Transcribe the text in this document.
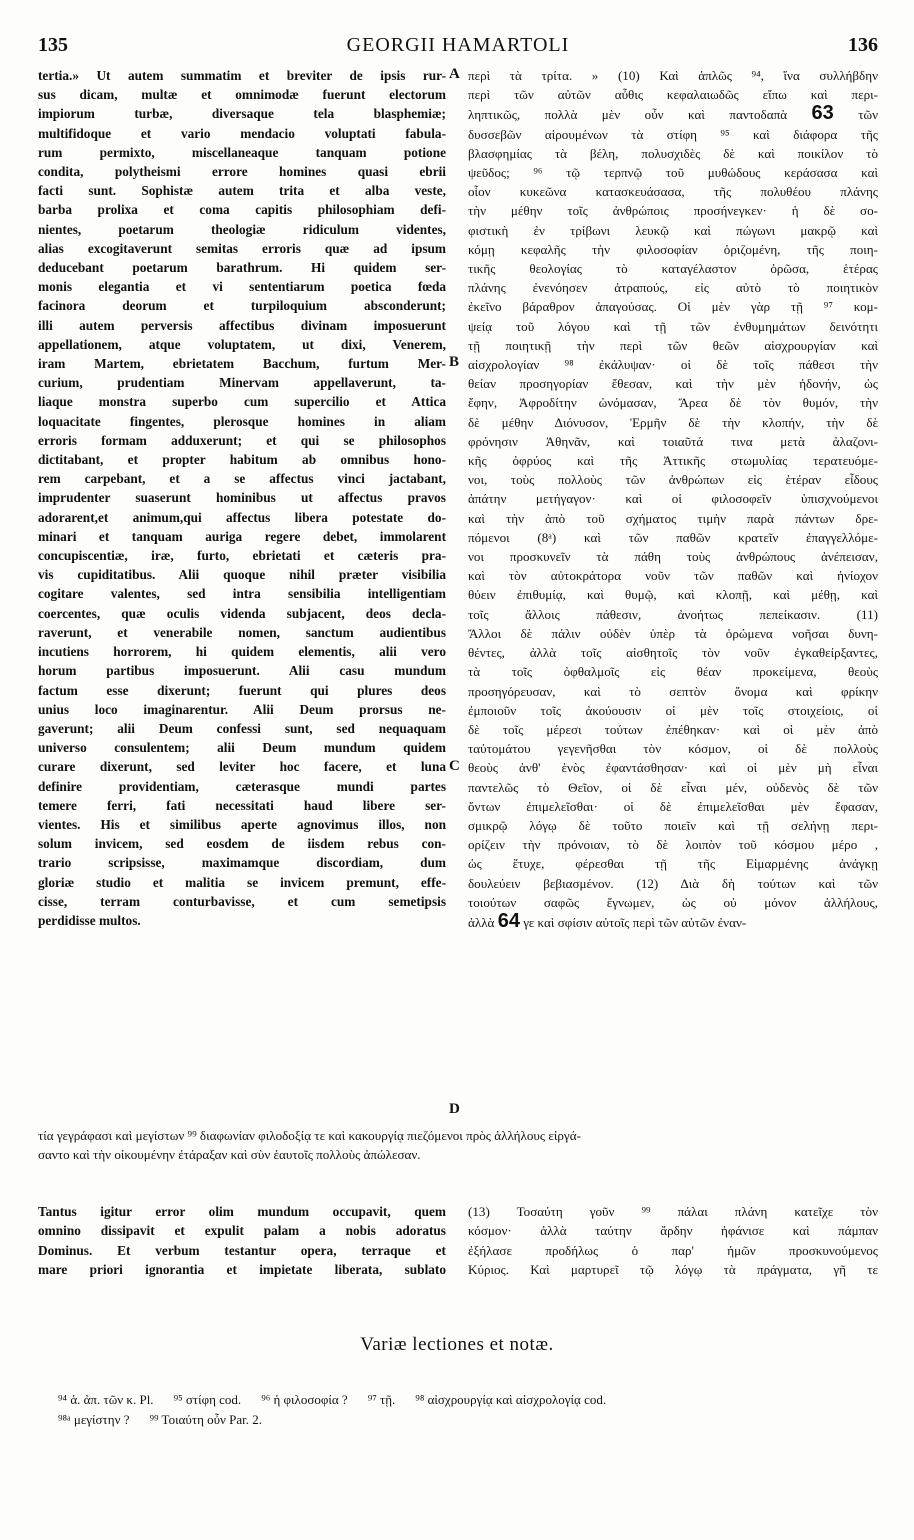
135	GEORGII HAMARTOLI	136
tertia.» Ut autem summatim et breviter de ipsis rur-
sus dicam, multæ et omnimodæ fuerunt electorum
impiorum turbæ, diversaque tela blasphemiæ;
multifidoque et vario mendacio voluptati fabula-
rum permixto, miscellaneaque tanquam potione
condita, polytheismi errore homines quasi ebrii
facti sunt. Sophistæ autem trita et alba veste,
barba prolixa et coma capitis philosophiam defi-
nientes, poetarum theologiæ ridiculum videntes,
alias excogitaverunt semitas erroris quæ ad ipsum
deducebant poetarum barathrum. Hi quidem ser-
monis elegantia et vi sententiarum poetica fœda
facinora deorum et turpiloquium absconderunt;
illi autem perversis affectibus divinam imposuerunt
appellationem, atque voluptatem, ut dixi, Venerem,
iram Martem, ebrietatem Bacchum, furtum Mer-
curium, prudentiam Minervam appellaverunt, ta-
liaque monstra superbo cum supercilio et Attica
loquacitate fingentes, plerosque homines in aliam
erroris formam adduxerunt; et qui se philosophos
dictitabant, et propter habitum ab omnibus hono-
rem carpebant, et a se affectus vinci jactabant,
imprudenter suaserunt hominibus ut affectus pravos
adorarent,et animum,qui affectus libera potestate do-
minari et tanquam auriga regere debet, immolarent
concupiscentiæ, iræ, furto, ebrietati et cæteris pra-
vis cupiditatibus. Alii quoque nihil præter visibilia
cogitare valentes, sed intra sensibilia intelligentiam
coercentes, quæ oculis videnda subjacent, deos decla-
raverunt, et venerabile nomen, sanctum audientibus
incutiens horrorem, hi quidem elementis, alii vero
horum partibus imposuerunt. Alii casu mundum
factum esse dixerunt; fuerunt qui plures deos
unius loco imaginarentur. Alii Deum prorsus ne-
gaverunt; alii Deum confessi sunt, sed nequaquam
universo consulentem; alii Deum mundum quidem
curare dixerunt, sed leviter hoc facere, et luna
definire providentiam, cæterasque mundi partes
temere ferri, fati necessitati haud libere ser-
vientes. His et similibus aperte agnovimus illos, non
solum invicem, sed eosdem de iisdem rebus con-
trario scripsisse, maximamque discordiam, dum
gloriæ studio et malitia se invicem premunt, effe-
cisse, terram conturbavisse, et cum semetipsis
perdidisse multos.
περὶ τὰ τρίτα. » (10) Καὶ ἁπλῶς ⁹⁴, ἵνα συλλήβδην
περὶ τῶν αὐτῶν αὖθις κεφαλαιωδῶς εἴπω καὶ περι-
ληπτικῶς, πολλὰ μὲν οὖν καὶ παντοδαπὰ 63 τῶν
δυσσεβῶν αἱρουμένων τὰ στίφη ⁹⁵ καὶ διάφορα τῆς
βλασφημίας τὰ βέλη, πολυσχιδὲς δὲ καὶ ποικίλον τὸ
ψεῦδος; ⁹⁶ τῷ τερπνῷ τοῦ μυθώδους κεράσασα καὶ
οἷον κυκεῶνα κατασκευάσασα, τῆς πολυθέου πλάνης
τὴν μέθην τοῖς ἀνθρώποις προσήνεγκεν· ἡ δὲ σο-
φιστικὴ ἐν τρίβωνι λευκῷ καὶ πώγωνι μακρῷ καὶ
κόμῃ κεφαλῆς τὴν φιλοσοφίαν ὁριζομένη, τῆς ποιη-
τικῆς θεολογίας τὸ καταγέλαστον ὁρῶσα, ἑτέρας
πλάνης ἐνενόησεν ἀτραπούς, εἰς αὐτὸ τὸ ποιητικὸν
ἐκεῖνο βάραθρον ἀπαγούσας. Οἱ μὲν γὰρ τῇ ⁹⁷ κομ-
ψείᾳ τοῦ λόγου καὶ τῇ τῶν ἐνθυμημάτων δεινότητι
τῇ ποιητικῇ τὴν περὶ τῶν θεῶν αἰσχρουργίαν καὶ
αἰσχρολογίαν ⁹⁸ ἐκάλυψαν· οἱ δὲ τοῖς πάθεσι τὴν
θείαν προσηγορίαν ἔθεσαν, καὶ τὴν μὲν ἡδονήν, ὡς
ἔφην, Ἀφροδίτην ὠνόμασαν, Ἄρεα δὲ τὸν θυμόν, τὴν
δὲ μέθην Διόνυσον, Ἑρμῆν δὲ τὴν κλοπήν, τὴν δὲ
φρόνησιν Ἀθηνᾶν, καὶ τοιαῦτά τινα μετὰ ἀλαζονι-
κῆς ὀφρύος καὶ τῆς Ἀττικῆς στωμυλίας τερατευόμε-
νοι, τοὺς πολλοὺς τῶν ἀνθρώπων εἰς ἑτέραν εἶδους
ἀπάτην μετήγαγον· καὶ οἱ φιλοσοφεῖν ὑπισχνούμενοι
καὶ τὴν ἀπὸ τοῦ σχήματος τιμὴν παρὰ πάντων δρε-
πόμενοι (8ᵃ) καὶ τῶν παθῶν κρατεῖν ἐπαγγελλόμε-
νοι προσκυνεῖν τὰ πάθη τοὺς ἀνθρώπους ἀνέπεισαν,
καὶ τὸν αὐτοκράτορα νοῦν τῶν παθῶν καὶ ἡνίοχον
θύειν ἐπιθυμίᾳ, καὶ θυμῷ, καὶ κλοπῇ, καὶ μέθῃ, καὶ
τοῖς ἄλλοις πάθεσιν, ἀνοήτως πεπείκασιν. (11)
Ἄλλοι δὲ πάλιν οὐδὲν ὑπὲρ τὰ ὁρώμενα νοῆσαι δυνη-
θέντες, ἀλλὰ τοῖς αἰσθητοῖς τὸν νοῦν ἐγκαθείρξαντες,
τὰ τοῖς ὀφθαλμοῖς εἰς θέαν προκείμενα, θεοὺς
προσηγόρευσαν, καὶ τὸ σεπτὸν ὄνομα καὶ φρίκην
ἐμποιοῦν τοῖς ἀκούουσιν οἱ μὲν τοῖς στοιχείοις, οἱ
δὲ τοῖς μέρεσι τούτων ἐπέθηκαν· καὶ οἱ μὲν ἀπὸ
ταὐτομάτου γεγενῆσθαι τὸν κόσμον, οἱ δὲ πολλοὺς
θεοὺς ἀνθ' ἑνὸς ἐφαντάσθησαν· καὶ οἱ μὲν μὴ εἶναι
παντελῶς τὸ Θεῖον, οἱ δὲ εἶναι μέν, οὐδενὸς δὲ τῶν
ὄντων ἐπιμελεῖσθαι· οἱ δὲ ἐπιμελεῖσθαι μὲν ἔφασαν,
σμικρῷ λόγῳ δὲ τοῦτο ποιεῖν καὶ τῇ σελήνῃ περι-
ορίζειν τὴν πρόνοιαν, τὸ δὲ λοιπὸν τοῦ κόσμου μέρο ,
ὡς ἔτυχε, φέρεσθαι τῇ τῆς Εἱμαρμένης ἀνάγκῃ
δουλεύειν βεβιασμένον. (12) Διὰ δὴ τούτων καὶ τῶν
τοιούτων σαφῶς ἔγνωμεν, ὡς οὐ μόνον ἀλλήλους,
ἀλλὰ 64 γε καὶ σφίσιν αὐτοῖς περὶ τῶν αὐτῶν ἐναν-
A
B
C
D
τία γεγράφασι καὶ μεγίστων ⁹⁹ διαφωνίαν φιλοδοξίᾳ τε καὶ κακουργίᾳ πιεζόμενοι πρὸς ἀλλήλους εἰργά-
σαντο καὶ τὴν οἰκουμένην ἐτάραξαν καὶ σὺν ἑαυτοῖς πολλοὺς ἀπώλεσαν.
Tantus igitur error olim mundum occupavit, quem
omnino dissipavit et expulit palam a nobis adoratus
Dominus. Et verbum testantur opera, terraque et
mare priori ignorantia et impietate liberata, sublato
(13) Τοσαύτη γοῦν ⁹⁹ πάλαι πλάνη κατεῖχε τὸν
κόσμον· ἀλλὰ ταύτην ἄρδην ἠφάνισε καὶ πάμπαν
ἐξήλασε προδήλως ὁ παρ' ἡμῶν προσκυνούμενος
Κύριος. Καὶ μαρτυρεῖ τῷ λόγῳ τὰ πράγματα, γῆ τε
Variæ lectiones et notæ.
⁹⁴ ἁ. ἀπ. τῶν κ. Pl. ⁹⁵ στίφη cod. ⁹⁶ ἡ φιλοσοφία ? ⁹⁷ τῇ. ⁹⁸ αἰσχρουργίᾳ καὶ αἰσχρολογίᾳ cod.
⁹⁸ᵃ μεγίστην ? ⁹⁹ Τοιαύτη οὖν Par. 2.
